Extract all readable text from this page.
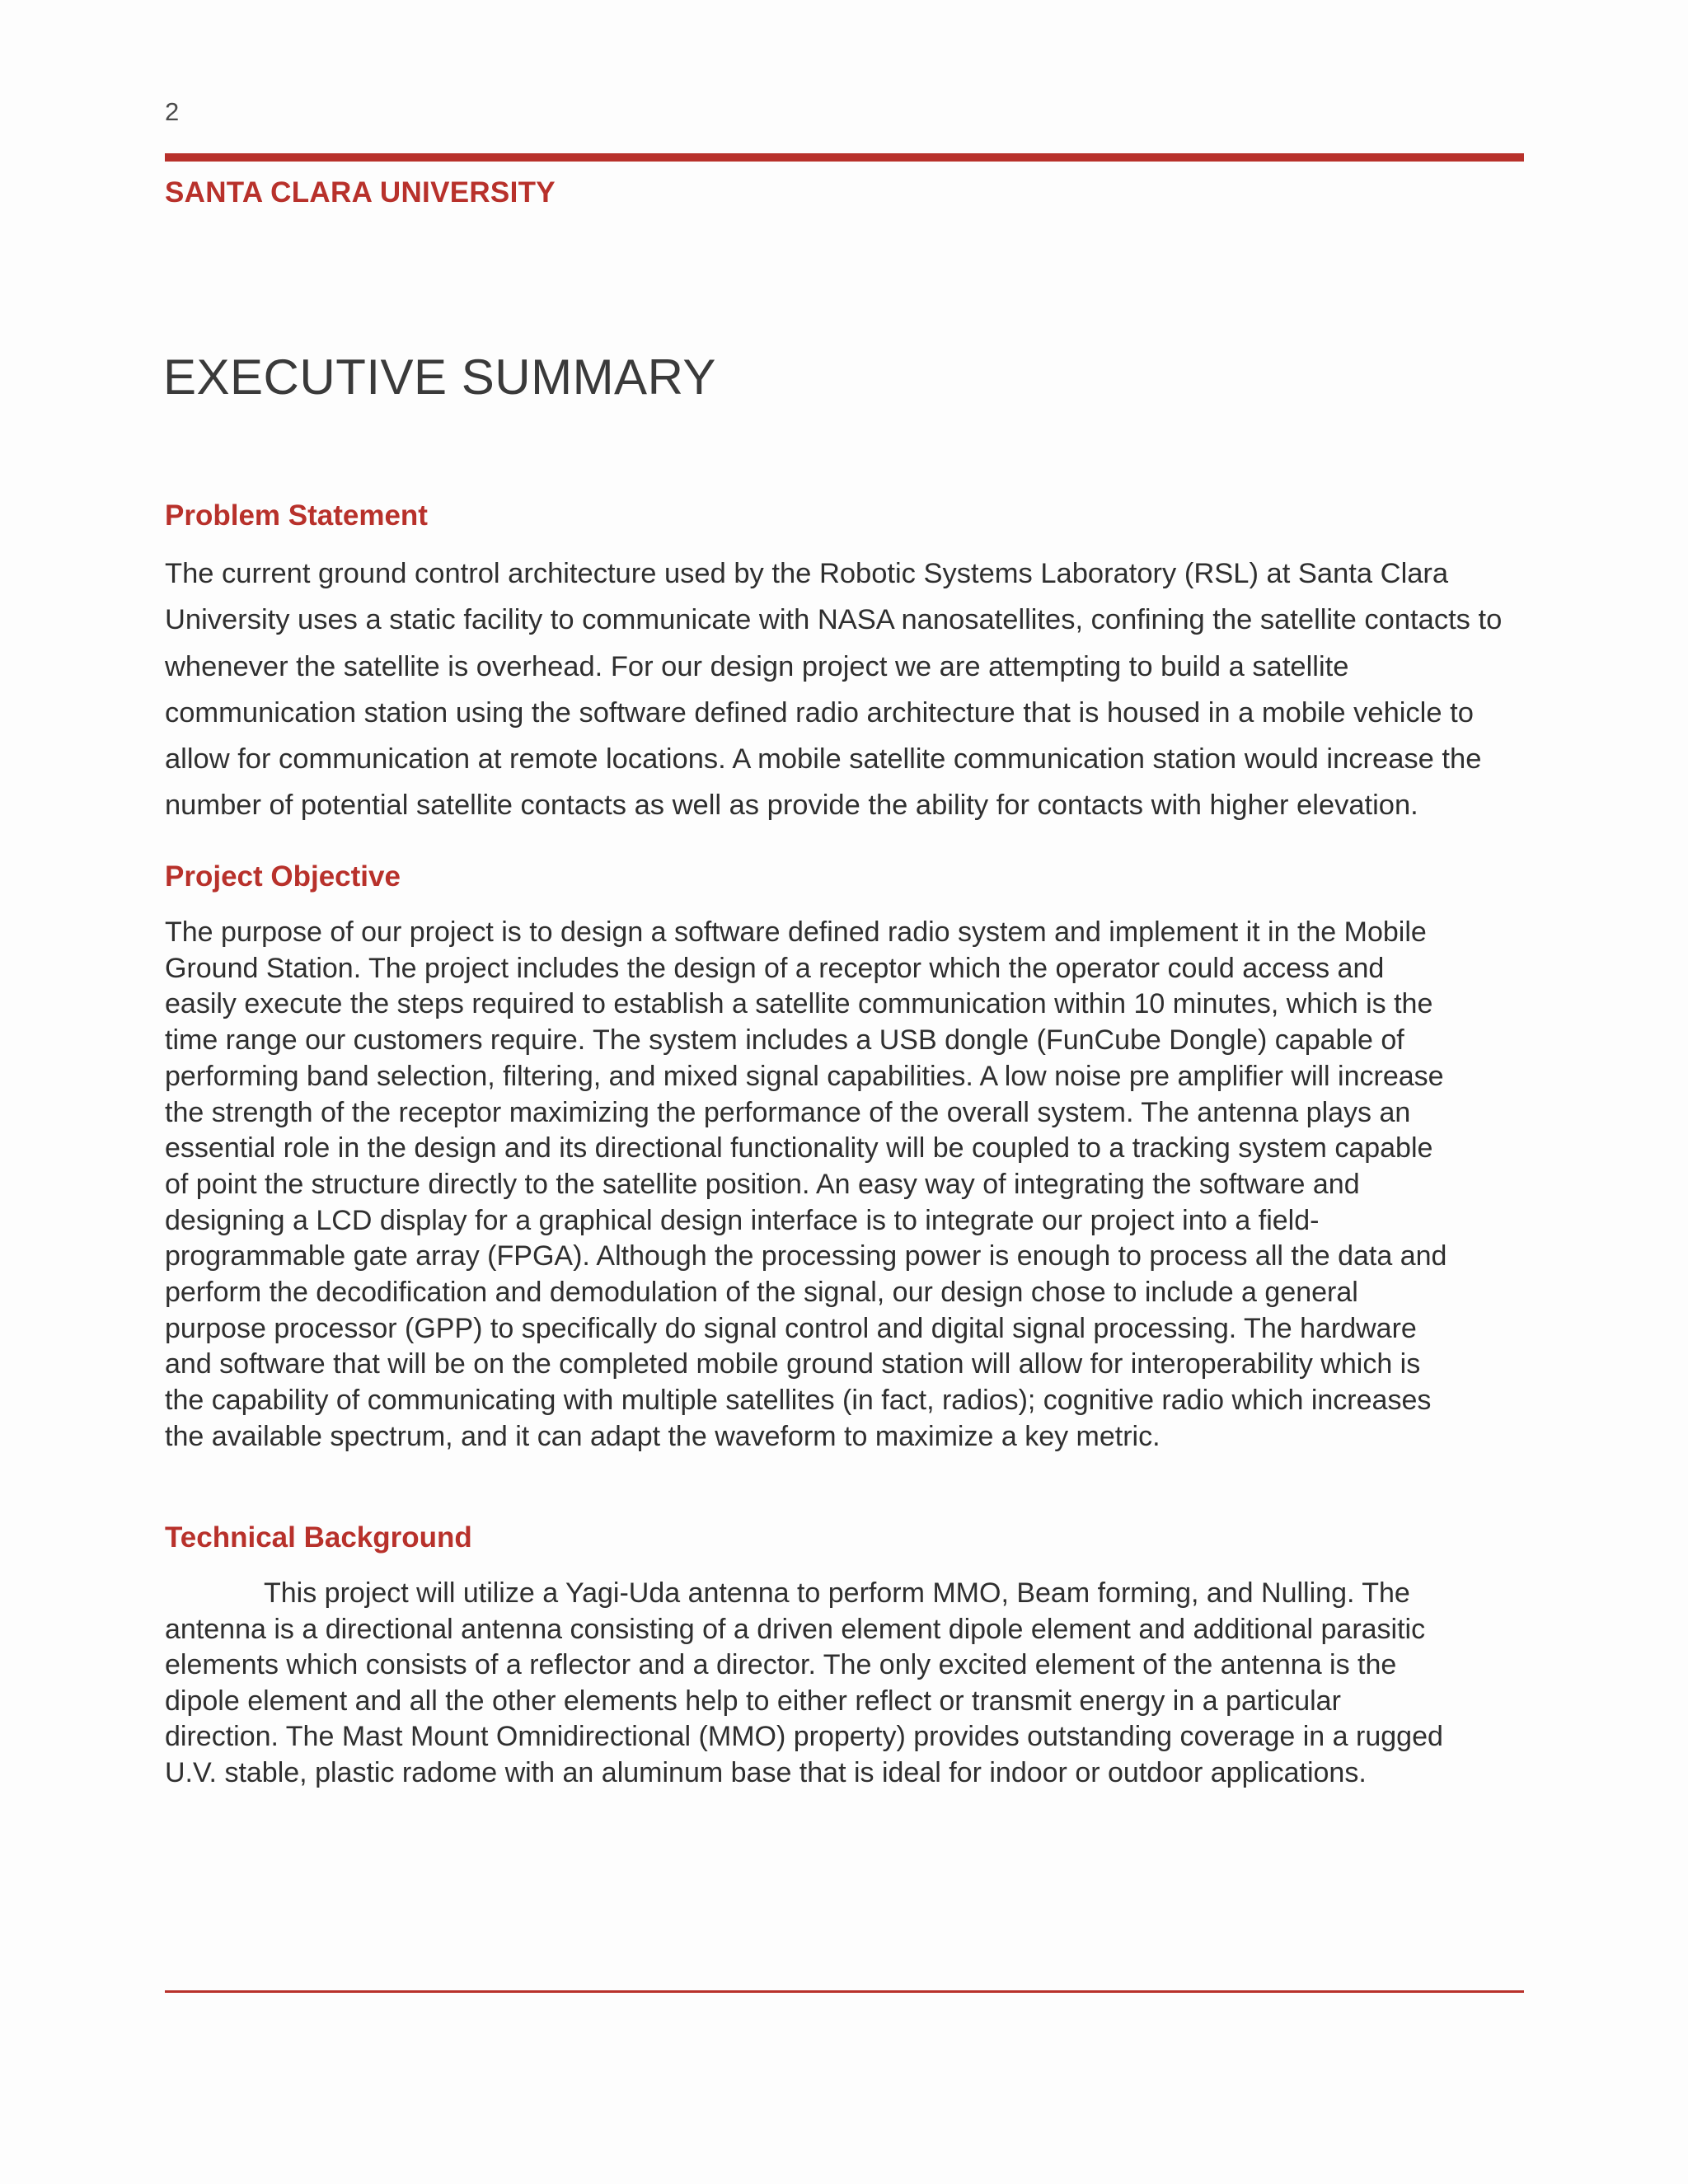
2
SANTA CLARA UNIVERSITY
EXECUTIVE SUMMARY
Problem Statement

The current ground control architecture used by the Robotic Systems Laboratory (RSL) at Santa Clara University uses a static facility to communicate with NASA nanosatellites, confining the satellite contacts to whenever the satellite is overhead. For our design project we are attempting to build a satellite communication station using the software defined radio architecture that is housed in a mobile vehicle to allow for communication at remote locations. A mobile satellite communication station would increase the number of potential satellite contacts as well as provide the ability for contacts with higher elevation.

Project Objective

The purpose of our project is to design a software defined radio system and implement it in the Mobile Ground Station. The project includes the design of a receptor which the operator could access and easily execute the steps required to establish a satellite communication within 10 minutes, which is the time range our customers require. The system includes a USB dongle (FunCube Dongle) capable of performing band selection, filtering, and mixed signal capabilities. A low noise pre amplifier will increase the strength of the receptor maximizing the performance of the overall system. The antenna plays an essential role in the design and its directional functionality will be coupled to a tracking system capable of point the structure directly to the satellite position. An easy way of integrating the software and designing a LCD display for a graphical design interface is to integrate our project into a field-programmable gate array (FPGA). Although the processing power is enough to process all the data and perform the decodification and demodulation of the signal, our design chose to include a general purpose processor (GPP) to specifically do signal control and digital signal processing. The hardware and software that will be on the completed mobile ground station will allow for interoperability which is the capability of communicating with multiple satellites (in fact, radios); cognitive radio which increases the available spectrum, and it can adapt the waveform to maximize a key metric.

Technical Background

This project will utilize a Yagi-Uda antenna to perform MMO, Beam forming, and Nulling. The antenna is a directional antenna consisting of a driven element dipole element and additional parasitic elements which consists of a reflector and a director. The only excited element of the antenna is the dipole element and all the other elements help to either reflect or transmit energy in a particular direction. The Mast Mount Omnidirectional (MMO) property) provides outstanding coverage in a rugged U.V. stable, plastic radome with an aluminum base that is ideal for indoor or outdoor applications.
